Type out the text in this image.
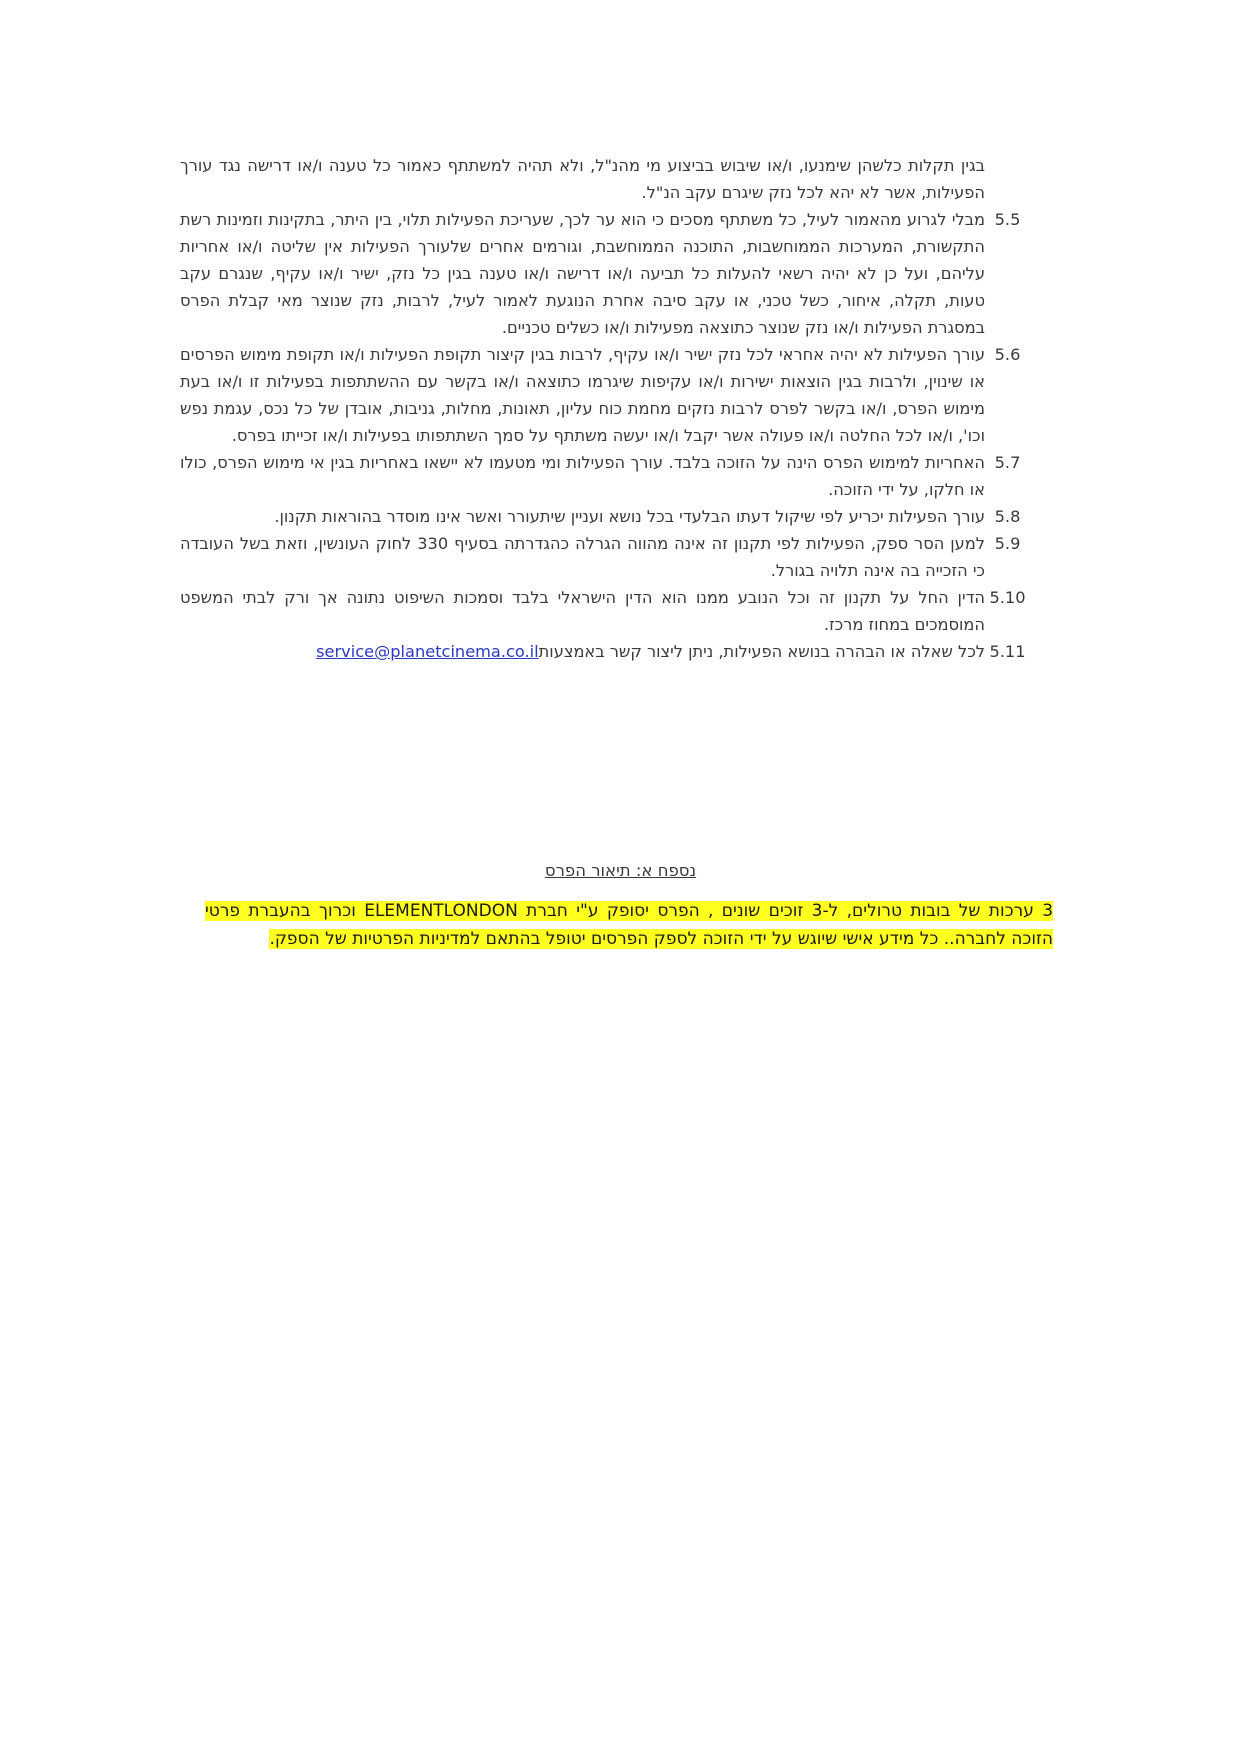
בגין תקלות כלשהן שימנעו, ו/או שיבוש בביצוע מי מהנ"ל, ולא תהיה למשתתף כאמור כל טענה ו/או דרישה נגד עורך הפעילות, אשר לא יהא לכל נזק שיגרם עקב הנ"ל.
5.5
מבלי לגרוע מהאמור לעיל, כל משתתף מסכים כי הוא ער לכך, שעריכת הפעילות תלוי, בין היתר, בתקינות וזמינות רשת התקשורת, המערכות הממוחשבות, התוכנה הממוחשבת, וגורמים אחרים שלעורך הפעילות אין שליטה ו/או אחריות עליהם, ועל כן לא יהיה רשאי להעלות כל תביעה ו/או דרישה ו/או טענה בגין כל נזק, ישיר ו/או עקיף, שנגרם עקב טעות, תקלה, איחור, כשל טכני, או עקב סיבה אחרת הנוגעת לאמור לעיל, לרבות, נזק שנוצר מאי קבלת הפרס במסגרת הפעילות ו/או נזק שנוצר כתוצאה מפעילות ו/או כשלים טכניים.
5.6
עורך הפעילות לא יהיה אחראי לכל נזק ישיר ו/או עקיף, לרבות בגין קיצור תקופת הפעילות ו/או תקופת מימוש הפרסים או שינוין, ולרבות בגין הוצאות ישירות ו/או עקיפות שיגרמו כתוצאה ו/או בקשר עם ההשתתפות בפעילות זו ו/או בעת מימוש הפרס, ו/או בקשר לפרס לרבות נזקים מחמת כוח עליון, תאונות, מחלות, גניבות, אובדן של כל נכס, עגמת נפש וכו', ו/או לכל החלטה ו/או פעולה אשר יקבל ו/או יעשה משתתף על סמך השתתפותו בפעילות ו/או זכייתו בפרס.
5.7
האחריות למימוש הפרס הינה על הזוכה בלבד. עורך הפעילות ומי מטעמו לא יישאו באחריות בגין אי מימוש הפרס, כולו או חלקו, על ידי הזוכה.
5.8
עורך הפעילות יכריע לפי שיקול דעתו הבלעדי בכל נושא ועניין שיתעורר ואשר אינו מוסדר בהוראות תקנון.
5.9
למען הסר ספק, הפעילות לפי תקנון זה אינה מהווה הגרלה כהגדרתה בסעיף 330 לחוק העונשין, וזאת בשל העובדה כי הזכייה בה אינה תלויה בגורל.
5.10
הדין החל על תקנון זה וכל הנובע ממנו הוא הדין הישראלי בלבד וסמכות השיפוט נתונה אך ורק לבתי המשפט המוסמכים במחוז מרכז.
5.11
לכל שאלה או הבהרה בנושא הפעילות, ניתן ליצור קשר באמצעותservice@planetcinema.co.il
נספח א: תיאור הפרס
3 ערכות של בובות טרולים, ל-3 זוכים שונים , הפרס יסופק ע"י חברת ELEMENTLONDON וכרוך בהעברת פרטי הזוכה לחברה.. כל מידע אישי שיוגש על ידי הזוכה לספק הפרסים יטופל בהתאם למדיניות הפרטיות של הספק.
